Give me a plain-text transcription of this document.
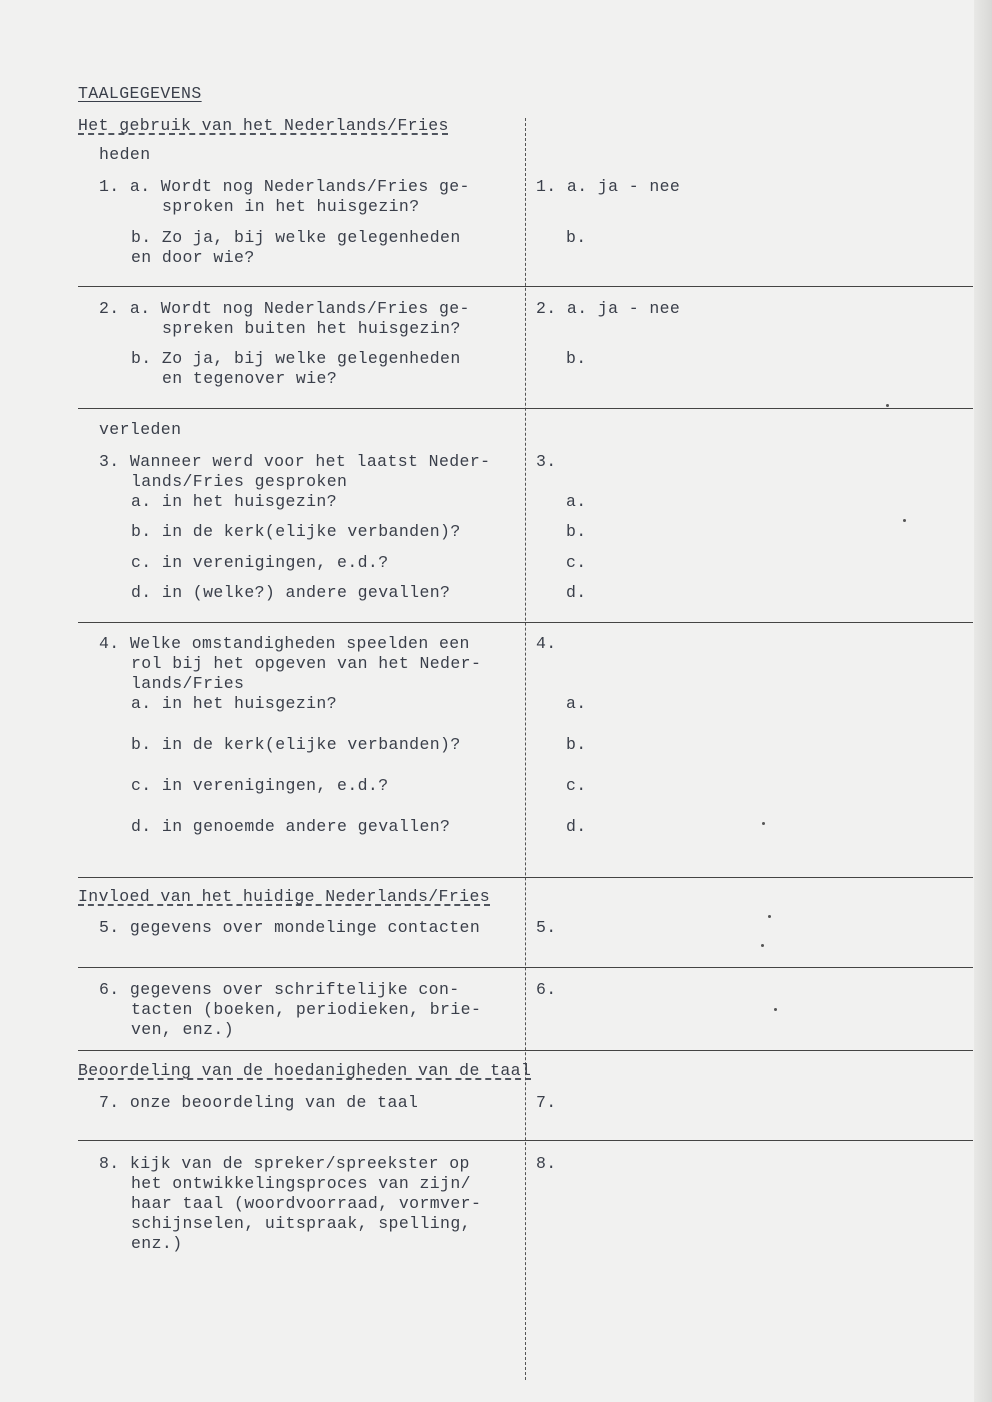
TAALGEGEVENS
Het gebruik van het Nederlands/Fries
heden
1. a. Wordt nog Nederlands/Fries ge-
sprоken in het huisgezin?
b. Zo ja, bij welke gelegenheden
en door wie?
1. a. ja - nee
b.
2. a. Wordt nog Nederlands/Fries ge-
spreken buiten het huisgezin?
b. Zo ja, bij welke gelegenheden
en tegenover wie?
2. a. ja - nee
b.
verleden
3. Wanneer werd voor het laatst Neder-
lands/Fries gesproken
a. in het huisgezin?
b. in de kerk(elijke verbanden)?
c. in verenigingen, e.d.?
d. in (welke?) andere gevallen?
3.
a.
b.
c.
d.
4. Welke omstandigheden speelden een
rol bij het opgeven van het Neder-
lands/Fries
a. in het huisgezin?
b. in de kerk(elijke verbanden)?
c. in verenigingen, e.d.?
d. in genoemde andere gevallen?
4.
a.
b.
c.
d.
Invloed van het huidige Nederlands/Fries
5. gegevens over mondelinge contacten	5.
6. gegevens over schriftelijke con-
tacten (boeken, periodieken, brie-
ven, enz.)
6.
Beoordeling van de hoedanigheden van de taal
7. onze beoordeling van de taal	7.
8. kijk van de spreker/spreekster op
het ontwikkelingsproces van zijn/
haar taal (woordvoorraad, vormver-
schijnselen, uitspraak, spelling,
enz.)
8.
